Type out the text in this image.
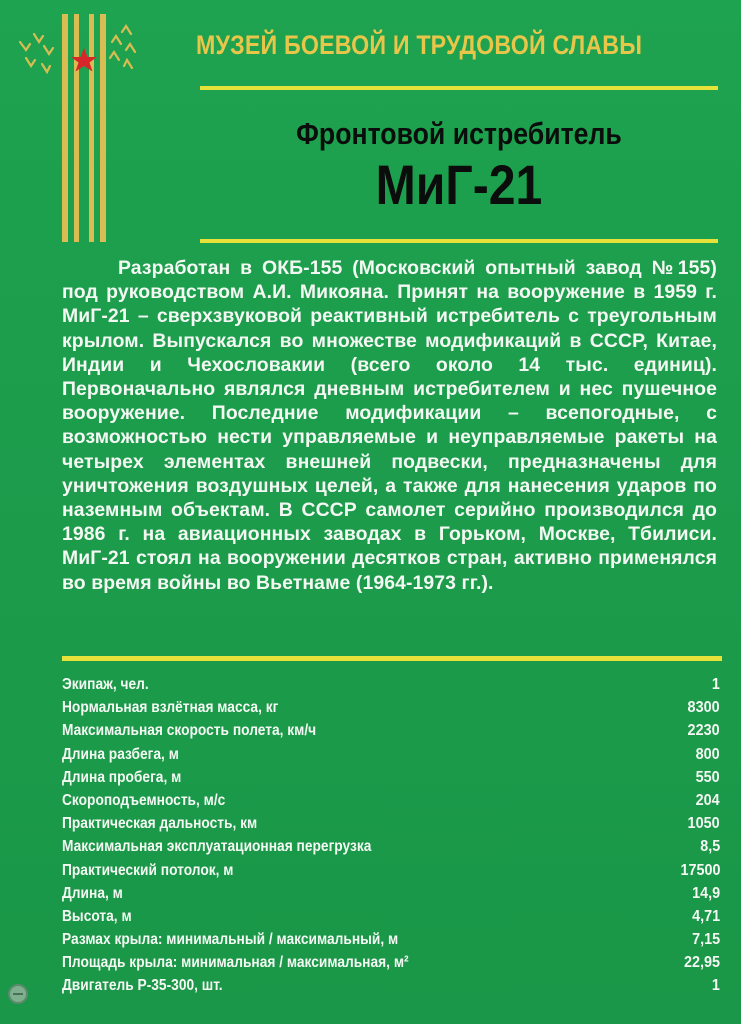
МУЗЕЙ БОЕВОЙ И ТРУДОВОЙ СЛАВЫ
Фронтовой истребитель
МиГ-21
Разработан в ОКБ-155 (Московский опытный завод №155) под руководством А.И. Микояна. Принят на вооружение в 1959 г. МиГ-21 – сверхзвуковой реактивный истребитель с треугольным крылом. Выпускался во множестве модификаций в СССР, Китае, Индии и Чехословакии (всего около 14 тыс. единиц). Первоначально являлся дневным истребителем и нес пушечное вооружение. Последние модификации – всепогодные, с возможностью нести управляемые и неуправляемые ракеты на четырех элементах внешней подвески, предназначены для уничтожения воздушных целей, а также для нанесения ударов по наземным объектам. В СССР самолет серийно производился до 1986 г. на авиационных заводах в Горьком, Москве, Тбилиси. МиГ-21 стоял на вооружении десятков стран, активно применялся во время войны во Вьетнаме (1964-1973 гг.).
Экипаж, чел.	1
Нормальная взлётная масса, кг	8300
Максимальная скорость полета, км/ч	2230
Длина разбега, м	800
Длина пробега, м	550
Скороподъемность, м/с	204
Практическая дальность, км	1050
Максимальная эксплуатационная перегрузка	8,5
Практический потолок, м	17500
Длина, м	14,9
Высота, м	4,71
Размах крыла: минимальный / максимальный, м	7,15
Площадь крыла: минимальная / максимальная, м²	22,95
Двигатель Р-35-300, шт.	1
